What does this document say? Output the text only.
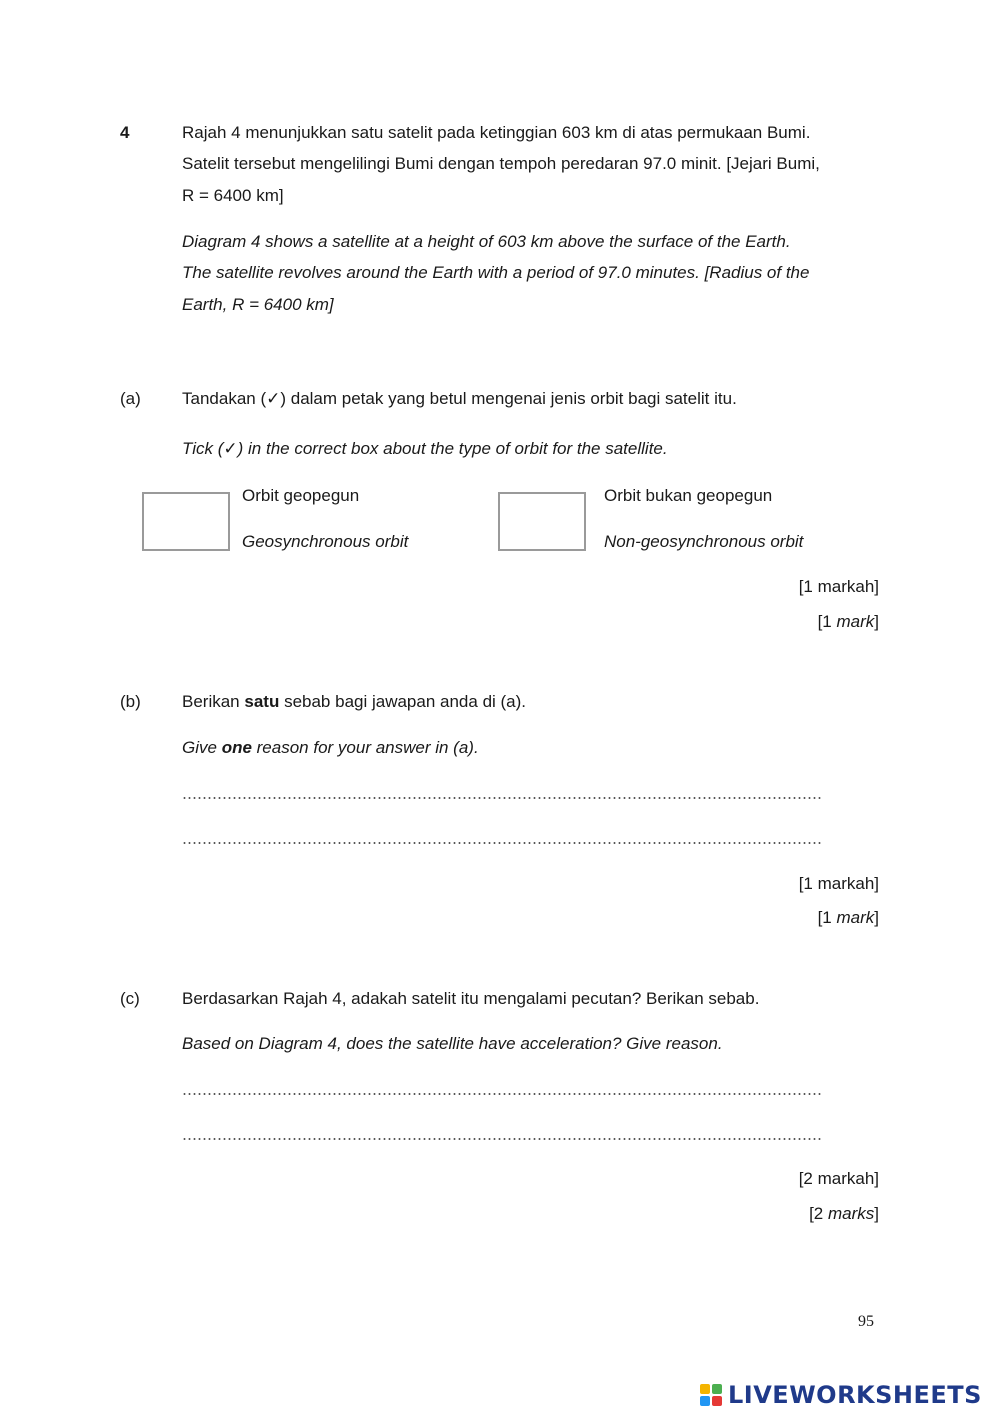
4	Rajah 4 menunjukkan satu satelit pada ketinggian 603 km di atas permukaan Bumi.
Satelit tersebut mengelilingi Bumi dengan tempoh peredaran 97.0 minit. [Jejari Bumi,
R = 6400 km]
Diagram 4 shows a satellite at a height of 603 km above the surface of the Earth.
The satellite revolves around the Earth with a period of 97.0 minutes. [Radius of the
Earth, R = 6400 km]
(a) Tandakan (✓) dalam petak yang betul mengenai jenis orbit bagi satelit itu.
Tick (✓) in the correct box about the type of orbit for the satellite.
Orbit geopegun
Geosynchronous orbit
Orbit bukan geopegun
Non-geosynchronous orbit
[1 markah]
[1 mark]
(b) Berikan satu sebab bagi jawapan anda di (a).
Give one reason for your answer in (a).
[1 markah]
[1 mark]
(c) Berdasarkan Rajah 4, adakah satelit itu mengalami pecutan? Berikan sebab.
Based on Diagram 4, does the satellite have acceleration? Give reason.
[2 markah]
[2 marks]
95
LIVEWORKSHEETS
